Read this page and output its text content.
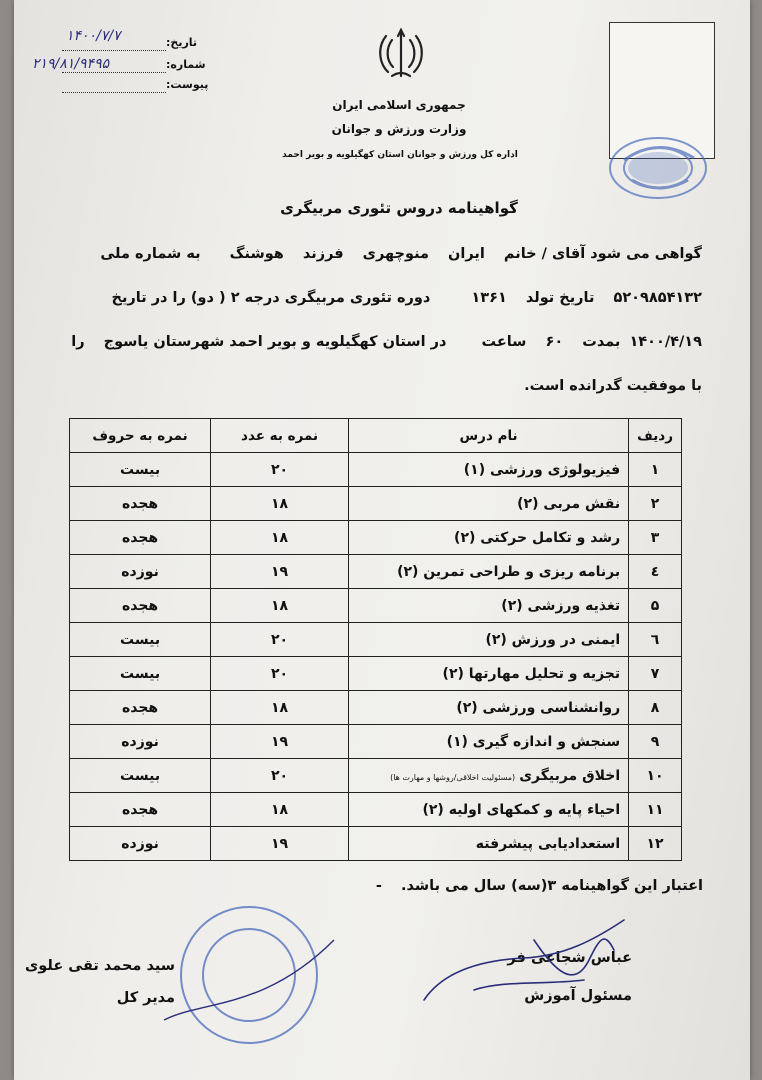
تاریخ:
۱۴۰۰/۷/۷
شماره:
۲۱۹/۸۱/۹۴۹۵
پیوست:
جمهوری اسلامی ایران
وزارت ورزش و جوانان
اداره کل ورزش و جوانان استان کهگیلویه و بویر احمد
گواهینامه دروس تئوری مربیگری
گواهی می شود آقای / خانم ایران منوچهری فرزند هوشنگ به شماره ملی
۵۲۰۹۸۵۴۱۳۲ تاریخ تولد ۱۳۶۱ دوره تئوری مربیگری درجه ۲ ( دو) را در تاریخ
۱۴۰۰/۴/۱۹ بمدت ۶۰ ساعت در استان کهگیلویه و بویر احمد شهرستان یاسوج را
با موفقیت گدرانده است.
ردیف	نام درس	نمره به عدد	نمره به حروف
۱	فیزیولوژی ورزشی (۱)	۲۰	بیست
۲	نقش مربی (۲)	۱۸	هجده
۳	رشد و تکامل حرکتی (۲)	۱۸	هجده
٤	برنامه ریزی و طراحی تمرین (۲)	۱۹	نوزده
۵	تغذیه ورزشی (۲)	۱۸	هجده
٦	ایمنی در ورزش (۲)	۲۰	بیست
۷	تجزیه و تحلیل مهارتها (۲)	۲۰	بیست
۸	روانشناسی ورزشی (۲)	۱۸	هجده
۹	سنجش و اندازه گیری (۱)	۱۹	نوزده
۱۰	اخلاق مربیگری(مسئولیت اخلاقی/روشها و مهارت ها)	۲۰	بیست
۱۱	احیاء پایه و کمکهای اولیه (۲)	۱۸	هجده
۱۲	استعدادیابی پیشرفته	۱۹	نوزده
اعتبار این گواهینامه ۳(سه) سال می باشد. -
عباس شجاعی فر
مسئول آموزش
سید محمد تقی علوی
مدیر کل
